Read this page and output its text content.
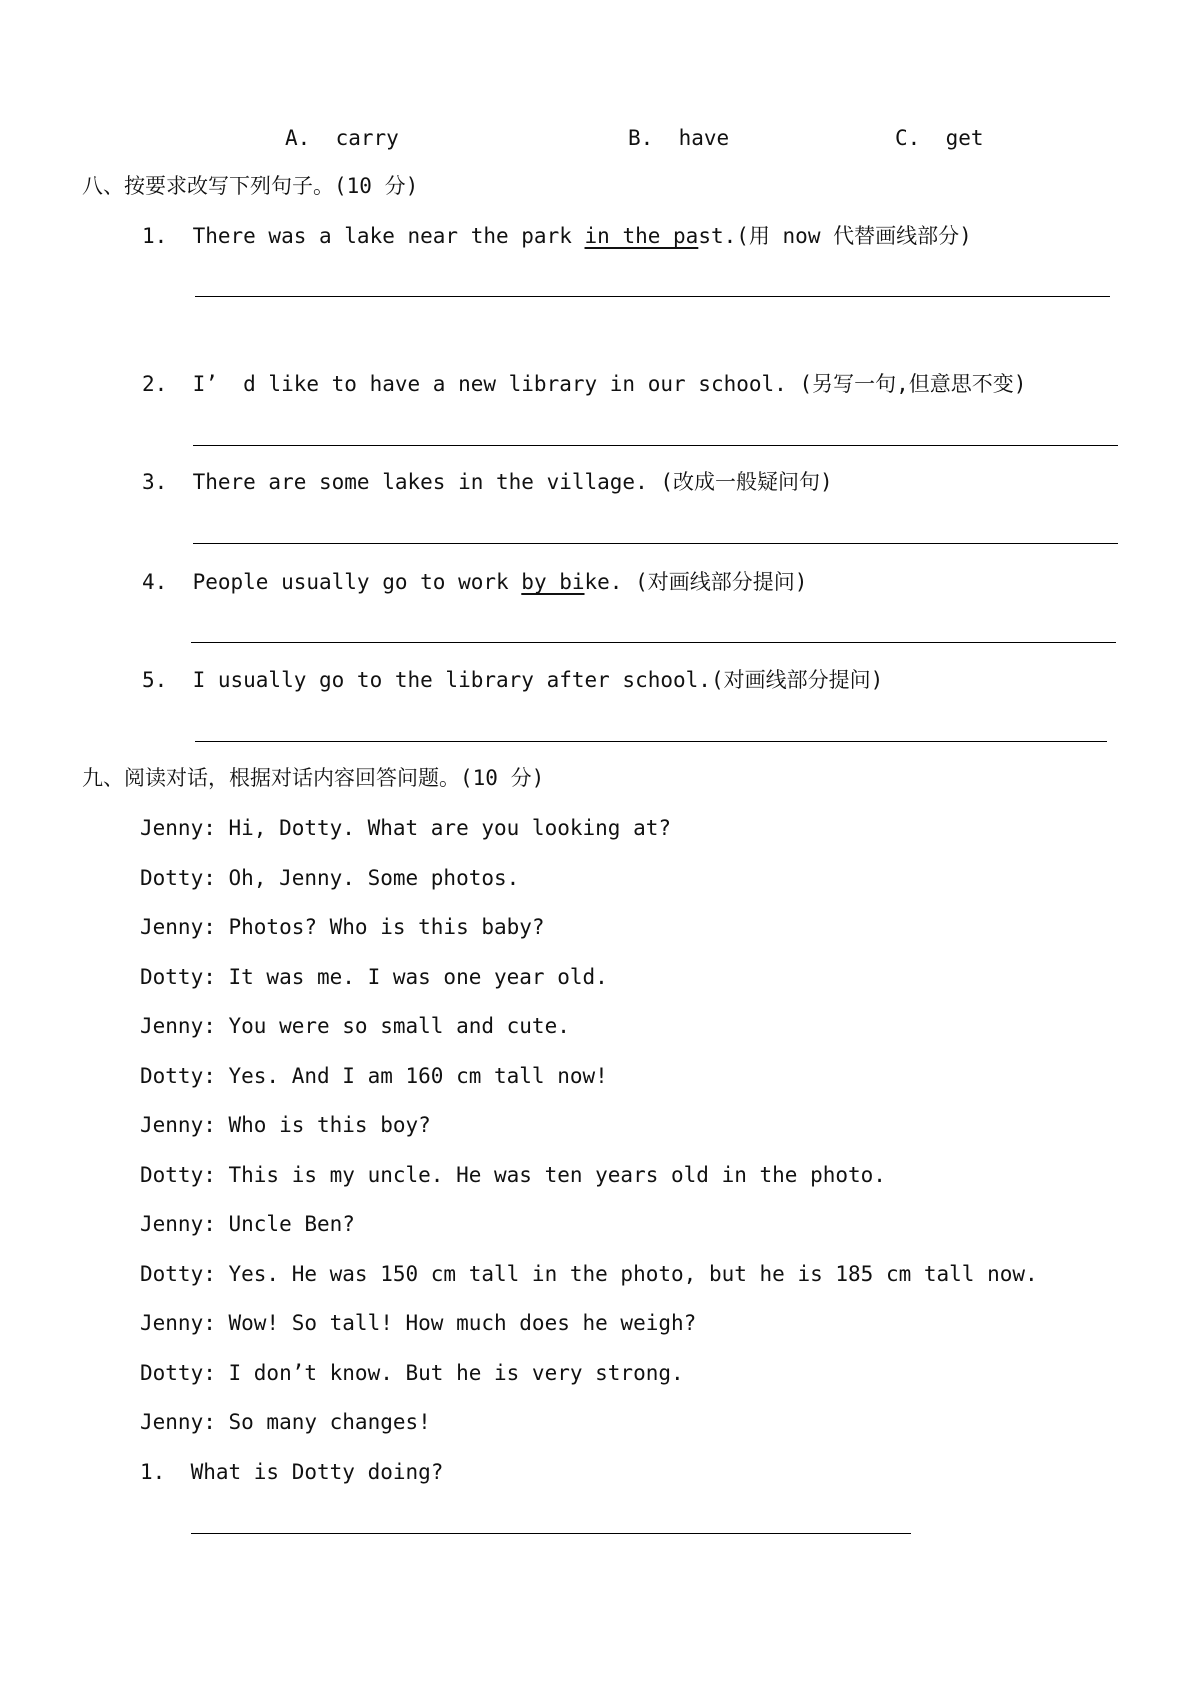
A.  carry	B.  have	C.  get
八、按要求改写下列句子。(10 分)
1.  There was a lake near the park in the past.(用 now 代替画线部分)
2.  I’  d like to have a new library in our school. (另写一句,但意思不变)
3.  There are some lakes in the village. (改成一般疑问句)
4.  People usually go to work by bike. (对画线部分提问)
5.  I usually go to the library after school.(对画线部分提问)
九、阅读对话，根据对话内容回答问题。(10 分)
Jenny: Hi, Dotty. What are you looking at?
Dotty: Oh, Jenny. Some photos.
Jenny: Photos? Who is this baby?
Dotty: It was me. I was one year old.
Jenny: You were so small and cute.
Dotty: Yes. And I am 160 cm tall now!
Jenny: Who is this boy?
Dotty: This is my uncle. He was ten years old in the photo.
Jenny: Uncle Ben?
Dotty: Yes. He was 150 cm tall in the photo, but he is 185 cm tall now.
Jenny: Wow! So tall! How much does he weigh?
Dotty: I don’t know. But he is very strong.
Jenny: So many changes!
1.  What is Dotty doing?
